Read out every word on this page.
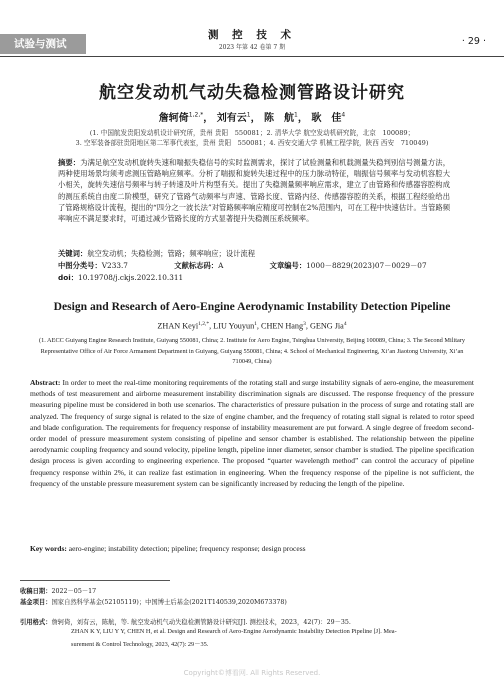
试验与测试
测 控 技 术
2023 年第 42 卷第 7 期
· 29 ·
航空发动机气动失稳检测管路设计研究
詹轲倚$^{1,2,*}$， 刘有云$^1$， 陈　航$^1$， 耿　佳$^4$
(1. 中国航发贵阳发动机设计研究所，贵州 贵阳　550081；2. 清华大学 航空发动机研究院，北京　100089；
3. 空军装备部驻贵阳地区第二军事代表室，贵州 贵阳　550081；4. 西安交通大学 机械工程学院，陕西 西安　710049)
摘要：为满足航空发动机旋转失速和喘振失稳信号的实时监测需求，探讨了试验测量和机载测量失稳判别信号测量方法，两种使用场景均须考虑测压管路响应频率。分析了喘振和旋转失速过程中的压力脉动特征，喘振信号频率与发动机容腔大小相关，旋转失速信号频率与转子转速及叶片构型有关。提出了失稳测量频率响应需求，建立了由管路和传感器容腔构成的测压系统自由度二阶模型，研究了管路气动频率与声速、管路长度、管路内径、传感器容腔的关系，根据工程经验给出了管路规格设计流程，提出的“四分之一波长法”对管路频率响应精度可控制在2%范围内，可在工程中快速估计。当管路频率响应不满足要求时，可通过减少管路长度的方式显著提升失稳测压系统频率。
关键词：航空发动机；失稳检测；管路；频率响应；设计流程
中图分类号：V233.7	文献标志码：A	文章编号：1000－8829(2023)07－0029－07
doi：10.19708/j.ckjs.2022.10.311
Design and Research of Aero-Engine Aerodynamic Instability Detection Pipeline
ZHAN Keyi$^{1,2,*}$, LIU Youyun$^1$, CHEN Hang$^3$, GENG Jia$^4$
(1. AECC Guiyang Engine Research Institute, Guiyang 550081, China; 2. Institute for Aero Engine, Tsinghua University, Beijing 100089, China; 3. The Second Military Representative Office of Air Force Armament Department in Guiyang, Guiyang 550081, China; 4. School of Mechanical Engineering, Xi’an Jiaotong University, Xi’an 710049, China)
Abstract: In order to meet the real-time monitoring requirements of the rotating stall and surge instability signals of aero-engine, the measurement methods of test measurement and airborne measurement instability discrimination signals are discussed. The response frequency of the pressure measuring pipeline must be considered in both use scenarios. The characteristics of pressure pulsation in the process of surge and rotating stall are analyzed. The frequency of surge signal is related to the size of engine chamber, and the frequency of rotating stall signal is related to rotor speed and blade configuration. The requirements for frequency response of instability measurement are put forward. A single degree of freedom second-order model of pressure measurement system consisting of pipeline and sensor chamber is established. The relationship between the pipeline aerodynamic coupling frequency and sound velocity, pipeline length, pipeline inner diameter, sensor chamber is studied. The pipeline specification design process is given according to engineering experience. The proposed “quarter wavelength method” can control the accuracy of pipeline frequency response within 2%, it can realize fast estimation in engineering. When the frequency response of the pipeline is not sufficient, the frequency of the unstable pressure measurement system can be significantly increased by reducing the length of the pipeline.
Key words: aero-engine; instability detection; pipeline; frequency response; design process
收稿日期：2022－05－17
基金项目：国家自然科学基金(52105119)；中国博士后基金(2021T140539,2020M673378)
引用格式：詹轲倚，刘有云，陈航，等. 航空发动机气动失稳检测管路设计研究[J]. 测控技术，2023，42(7)：29－35.
ZHAN K Y, LIU Y Y, CHEN H, et al. Design and Research of Aero-Engine Aerodynamic Instability Detection Pipeline [J]. Mea-
surement & Control Technology, 2023, 42(7): 29－35.
Copyright©博看网. All Rights Reserved.
